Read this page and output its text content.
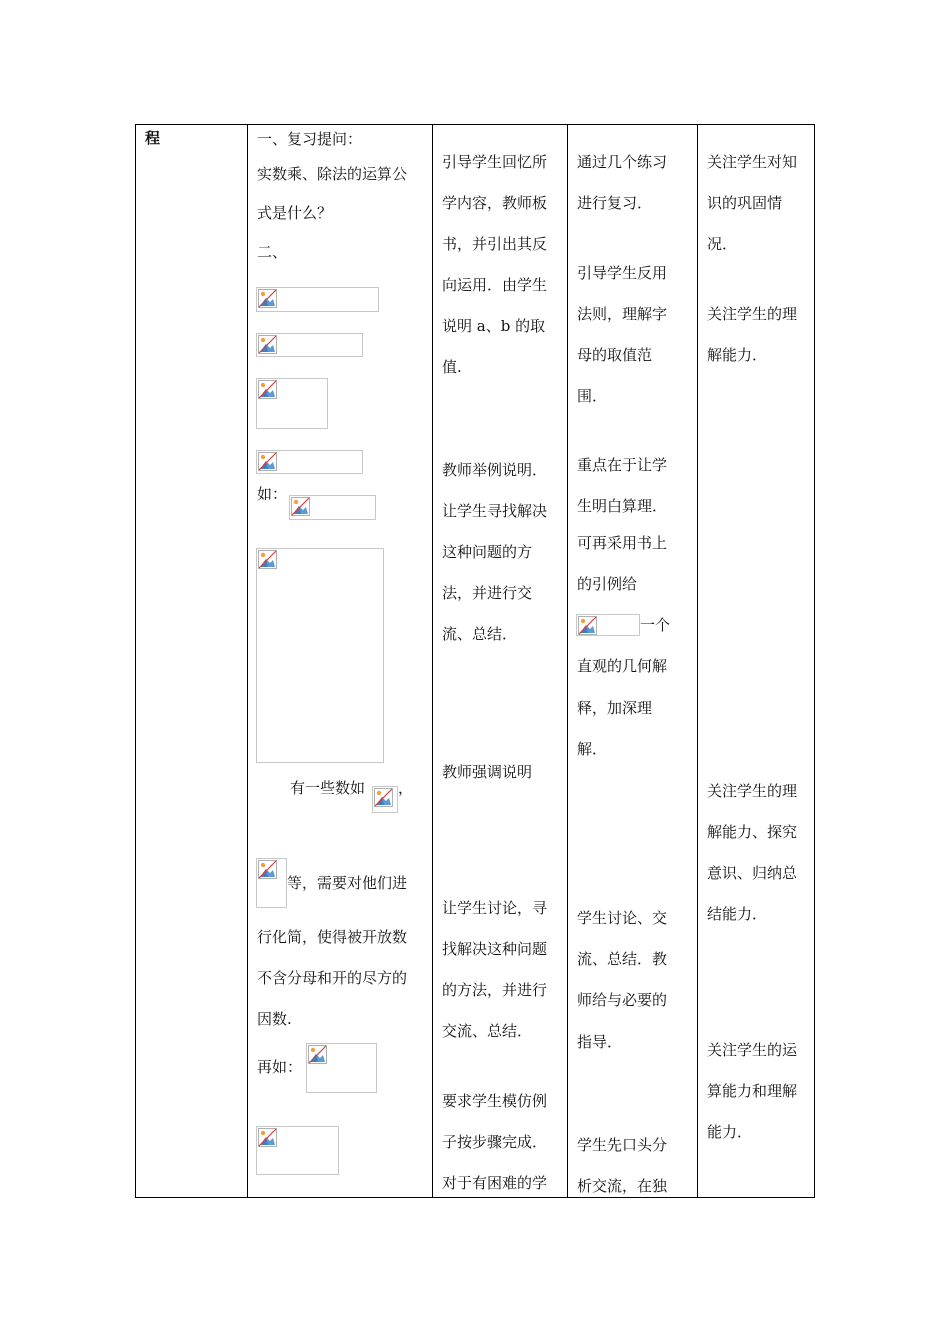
程	一、复习提问：
实数乘、除法的运算公
式是什么？
二、
如：
有一些数如 ，
等，需要对他们进
行化简，使得被开放数
不含分母和开的尽方的
因数.
再如：
引导学生回忆所
学内容，教师板
书，并引出其反
向运用．由学生
说明 a、b 的取
值.
教师举例说明．
让学生寻找解决
这种问题的方
法，并进行交
流、总结．
教师强调说明
让学生讨论，寻
找解决这种问题
的方法，并进行
交流、总结．
要求学生模仿例
子按步骤完成．
对于有困难的学
通过几个练习
进行复习．
引导学生反用
法则，理解字
母的取值范
围．
重点在于让学
生明白算理．
可再采用书上
的引例给
一个
直观的几何解
释，加深理
解．
学生讨论、交
流、总结．教
师给与必要的
指导．
学生先口头分
析交流，在独
关注学生对知
识的巩固情
况．
关注学生的理
解能力．
关注学生的理
解能力、探究
意识、归纳总
结能力．
关注学生的运
算能力和理解
能力．
